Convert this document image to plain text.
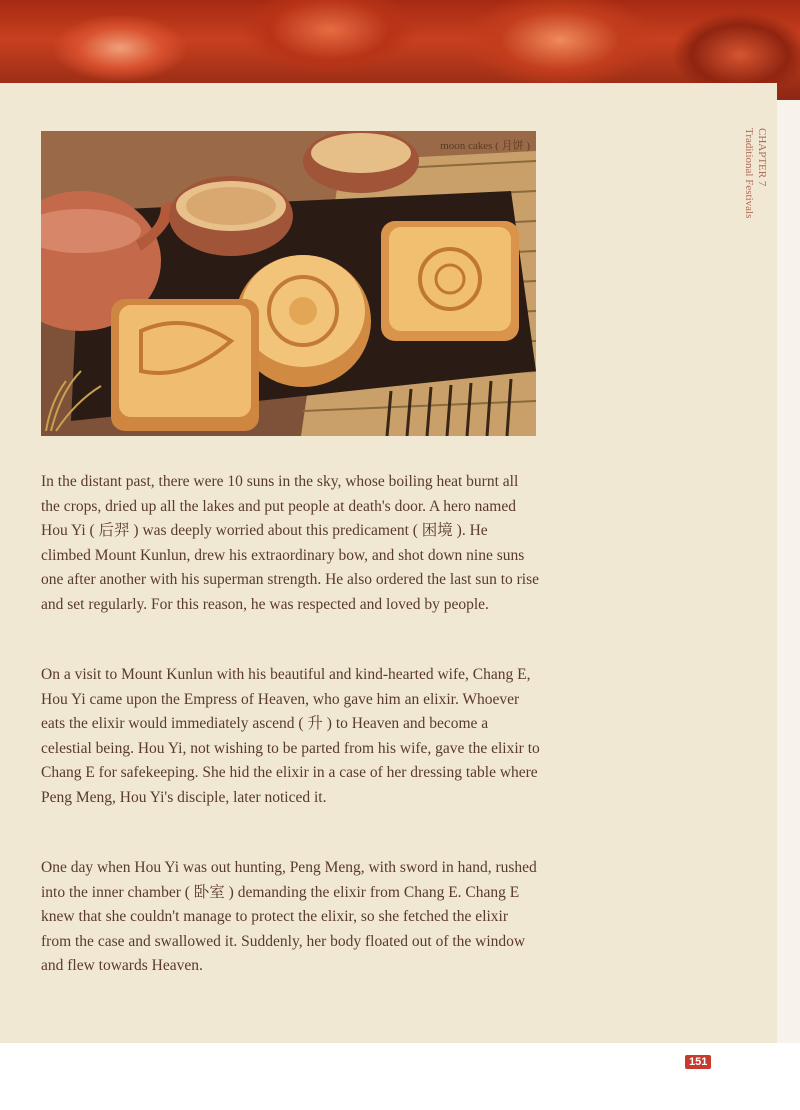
moon cakes ( 月饼 )	CHAPTER 7
Traditional Festivals

In the distant past, there were 10 suns in the sky, whose boiling heat burnt all the crops, dried up all the lakes and put people at death's door. A hero named Hou Yi ( 后羿 ) was deeply worried about this predicament ( 困境 ). He climbed Mount Kunlun, drew his extraordinary bow, and shot down nine suns one after another with his superman strength. He also ordered the last sun to rise and set regularly. For this reason, he was respected and loved by people.

On a visit to Mount Kunlun with his beautiful and kind-hearted wife, Chang E, Hou Yi came upon the Empress of Heaven, who gave him an elixir. Whoever eats the elixir would immediately ascend ( 升 ) to Heaven and become a celestial being. Hou Yi, not wishing to be parted from his wife, gave the elixir to Chang E for safekeeping. She hid the elixir in a case of her dressing table where Peng Meng, Hou Yi's disciple, later noticed it.

One day when Hou Yi was out hunting, Peng Meng, with sword in hand, rushed into the inner chamber ( 卧室 ) demanding the elixir from Chang E. Chang E knew that she couldn't manage to protect the elixir, so she fetched the elixir from the case and swallowed it. Suddenly, her body floated out of the window and flew towards Heaven.

151
